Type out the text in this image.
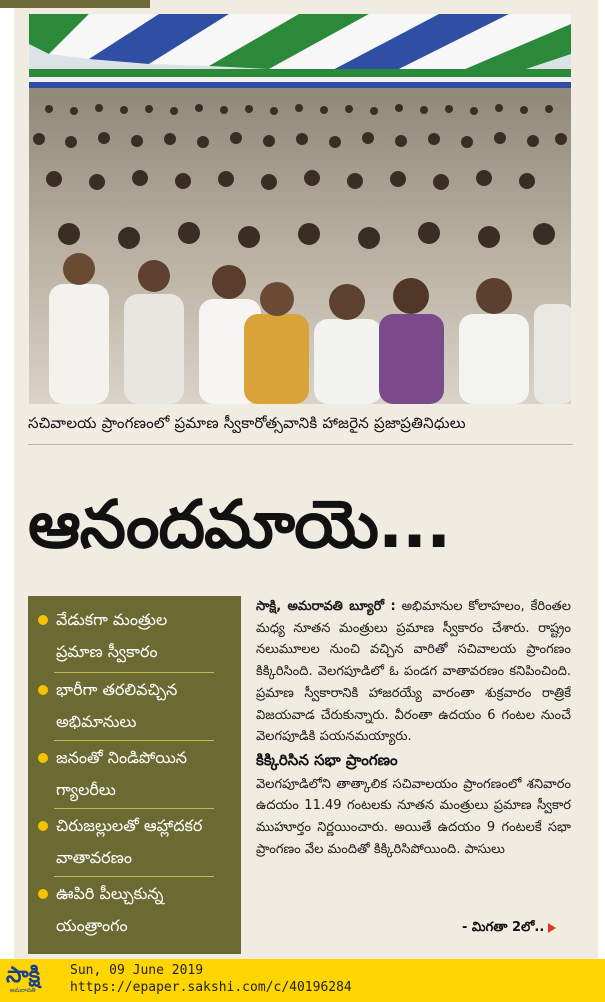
సచివాలయ ప్రాంగణంలో ప్రమాణ స్వీకారోత్సవానికి హాజరైన ప్రజాప్రతినిధులు
ఆనందమాయె...
వేడుకగా మంత్రుల
ప్రమాణ స్వీకారం
భారీగా తరలివచ్చిన
అభిమానులు
జనంతో నిండిపోయిన
గ్యాలరీలు
చిరుజల్లులతో ఆహ్లాదకర
వాతావరణం
ఊపిరి పీల్చుకున్న
యంత్రాంగం

సాక్షి, అమరావతి బ్యూరో : అభిమానుల కోలాహలం, కేరింతల మధ్య నూతన మంత్రులు ప్రమాణ స్వీకారం చేశారు. రాష్ట్రం నలుమూలల నుంచి వచ్చిన వారితో సచివాలయ ప్రాంగణం కిక్కిరిసింది. వెలగపూడిలో ఓ పండగ వాతావరణం కనిపించింది. ప్రమాణ స్వీకారానికి హాజరయ్యే వారంతా శుక్రవారం రాత్రికే విజయవాడ చేరుకున్నారు. వీరంతా ఉదయం 6 గంటల నుంచే వెలగపూడికి పయనమయ్యారు.

కిక్కిరిసిన సభా ప్రాంగణం

వెలగపూడిలోని తాత్కాలిక సచివాలయం ప్రాంగణంలో శనివారం ఉదయం 11.49 గంటలకు నూతన మంత్రులు ప్రమాణ స్వీకార ముహూర్తం నిర్ణయించారు. అయితే ఉదయం 9 గంటలకే సభా ప్రాంగణం వేల మందితో కిక్కిరిసిపోయింది. పాసులు

- మిగతా 2లో..
సాక్షి
అమరావతి
Sun, 09 June 2019
https://epaper.sakshi.com/c/40196284
